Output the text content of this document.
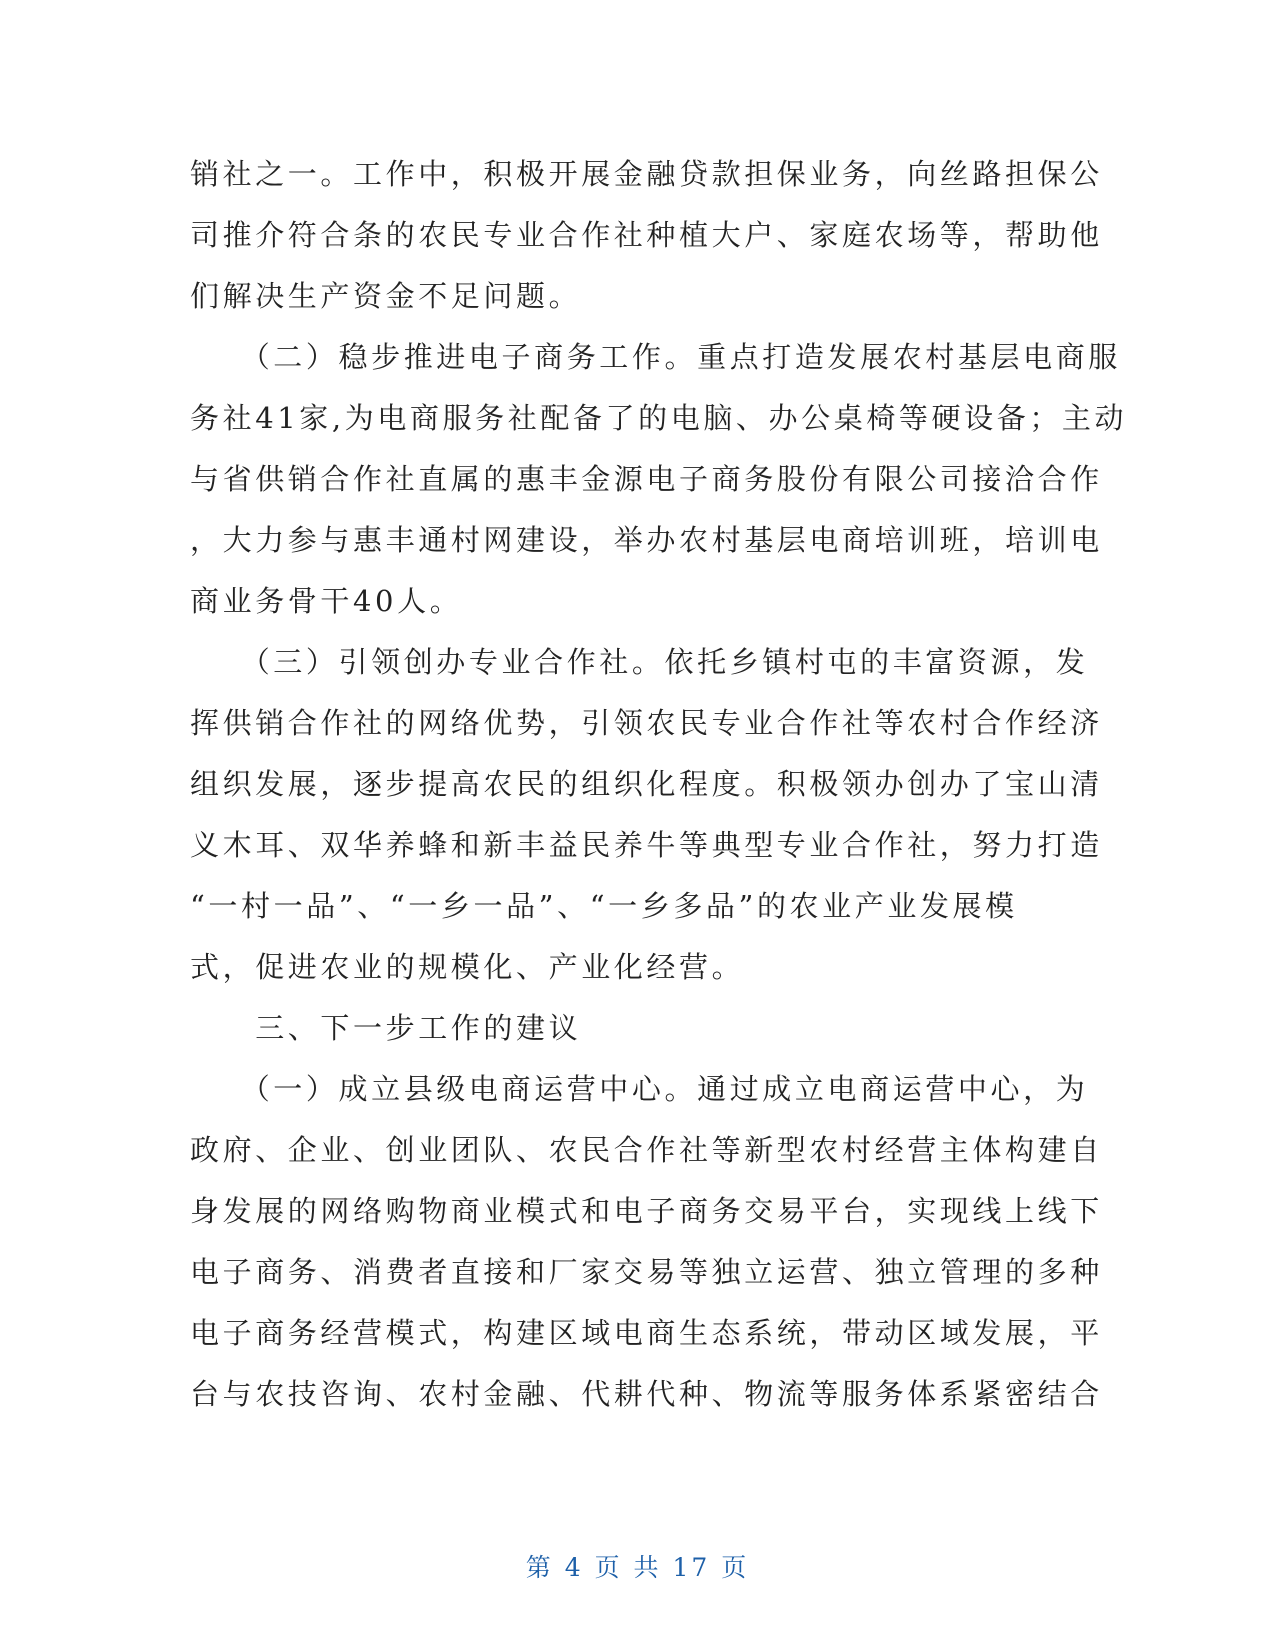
销社之一。工作中，积极开展金融贷款担保业务，向丝路担保公

司推介符合条的农民专业合作社种植大户、家庭农场等，帮助他

们解决生产资金不足问题。

　　（二）稳步推进电子商务工作。重点打造发展农村基层电商服

务社41家,为电商服务社配备了的电脑、办公桌椅等硬设备；主动

与省供销合作社直属的惠丰金源电子商务股份有限公司接洽合作

，大力参与惠丰通村网建设，举办农村基层电商培训班，培训电

商业务骨干40人。

　　（三）引领创办专业合作社。依托乡镇村屯的丰富资源，发

挥供销合作社的网络优势，引领农民专业合作社等农村合作经济

组织发展，逐步提高农民的组织化程度。积极领办创办了宝山清

义木耳、双华养蜂和新丰益民养牛等典型专业合作社，努力打造

“一村一品”、“一乡一品”、“一乡多品”的农业产业发展模

式，促进农业的规模化、产业化经营。

　　三、下一步工作的建议

　　（一）成立县级电商运营中心。通过成立电商运营中心，为

政府、企业、创业团队、农民合作社等新型农村经营主体构建自

身发展的网络购物商业模式和电子商务交易平台，实现线上线下

电子商务、消费者直接和厂家交易等独立运营、独立管理的多种

电子商务经营模式，构建区域电商生态系统，带动区域发展，平

台与农技咨询、农村金融、代耕代种、物流等服务体系紧密结合

第 4 页 共 17 页
